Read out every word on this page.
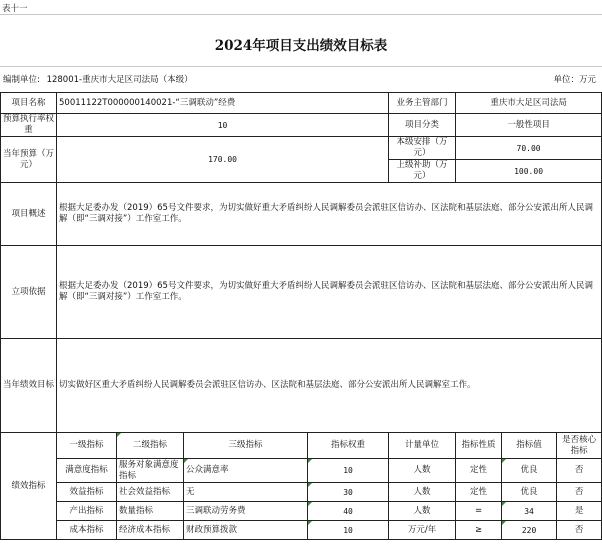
表十一
2024年项目支出绩效目标表
编制单位: 128001-重庆市大足区司法局（本级）	单位：万元
项目名称	50011122T000000140021-“三调联动”经费				业务主管部门	重庆市大足区司法局		
预算执行率权重	10				项目分类	一般性项目		
当年预算（万元）	170.00				本级安排（万元）	70.00		
					上级补助（万元）	100.00		
项目概述	根据大足委办发（2019）65号文件要求，为切实做好重大矛盾纠纷人民调解委员会派驻区信访办、区法院和基层法庭、部分公安派出所人民调解（即“三调对接”）工作室工作。							
立项依据	根据大足委办发（2019）65号文件要求，为切实做好重大矛盾纠纷人民调解委员会派驻区信访办、区法院和基层法庭、部分公安派出所人民调解（即“三调对接”）工作室工作。							
当年绩效目标	切实做好区重大矛盾纠纷人民调解委员会派驻区信访办、区法院和基层法庭、部分公安派出所人民调解室工作。							
绩效指标	一级指标	二级指标	三级指标	指标权重	计量单位	指标性质	指标值	是否核心指标
	满意度指标	服务对象满意度指标	公众满意率	10	人数	定性	优良	否
	效益指标	社会效益指标	无	30	人数	定性	优良	否
	产出指标	数量指标	三调联动劳务费	40	人数	=	34	是
	成本指标	经济成本指标	财政预算拨款	10	万元/年	≥	220	否
